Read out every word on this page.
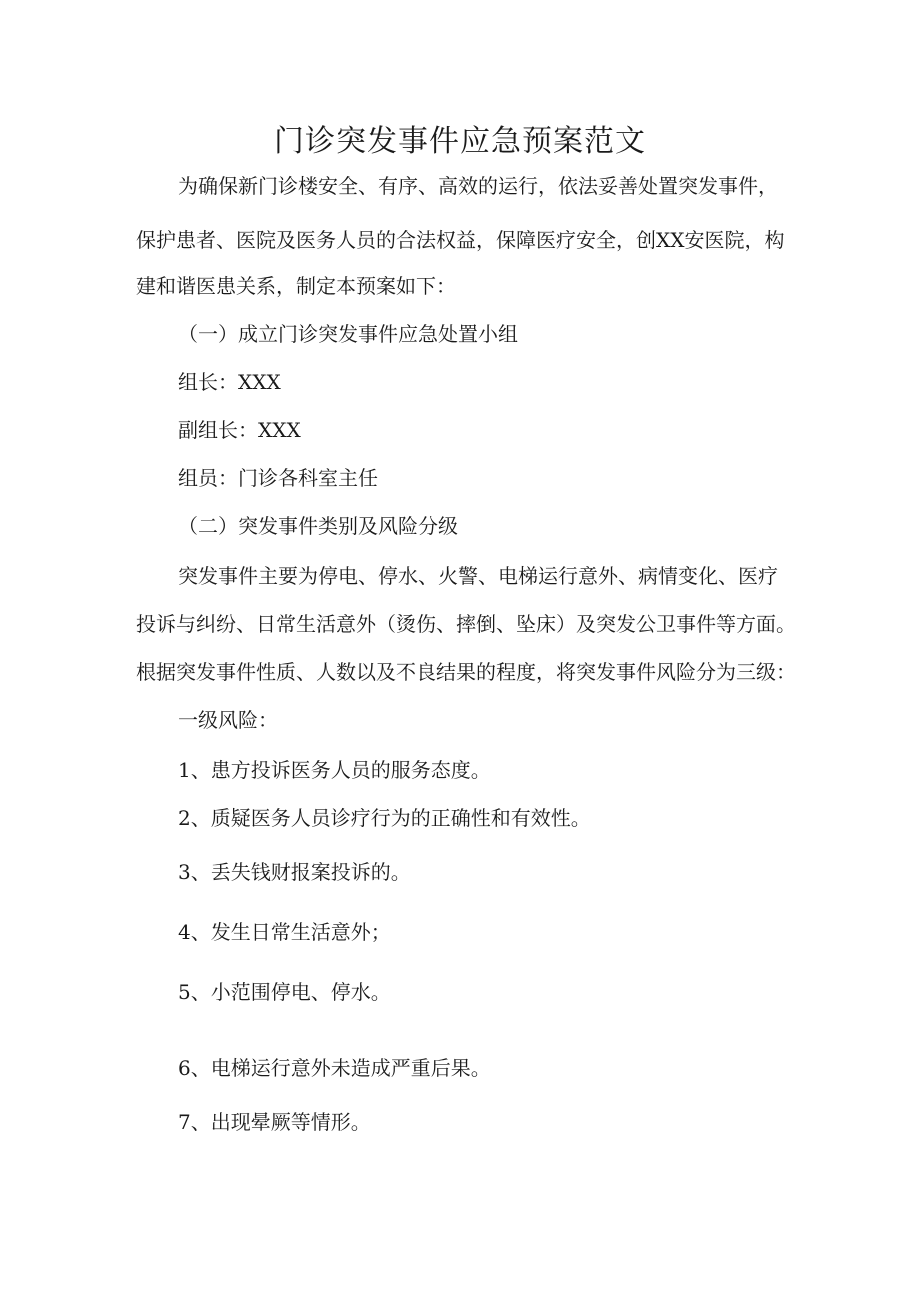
门诊突发事件应急预案范文

为确保新门诊楼安全、有序、高效的运行，依法妥善处置突发事件，

保护患者、医院及医务人员的合法权益，保障医疗安全，创XX安医院，构

建和谐医患关系，制定本预案如下：

（一）成立门诊突发事件应急处置小组

组长：XXX

副组长：XXX

组员：门诊各科室主任

（二）突发事件类别及风险分级

突发事件主要为停电、停水、火警、电梯运行意外、病情变化、医疗

投诉与纠纷、日常生活意外（烫伤、摔倒、坠床）及突发公卫事件等方面。

根据突发事件性质、人数以及不良结果的程度，将突发事件风险分为三级：

一级风险：

1、患方投诉医务人员的服务态度。

2、质疑医务人员诊疗行为的正确性和有效性。

3、丢失钱财报案投诉的。

4、发生日常生活意外；

5、小范围停电、停水。

6、电梯运行意外未造成严重后果。

7、出现晕厥等情形。
